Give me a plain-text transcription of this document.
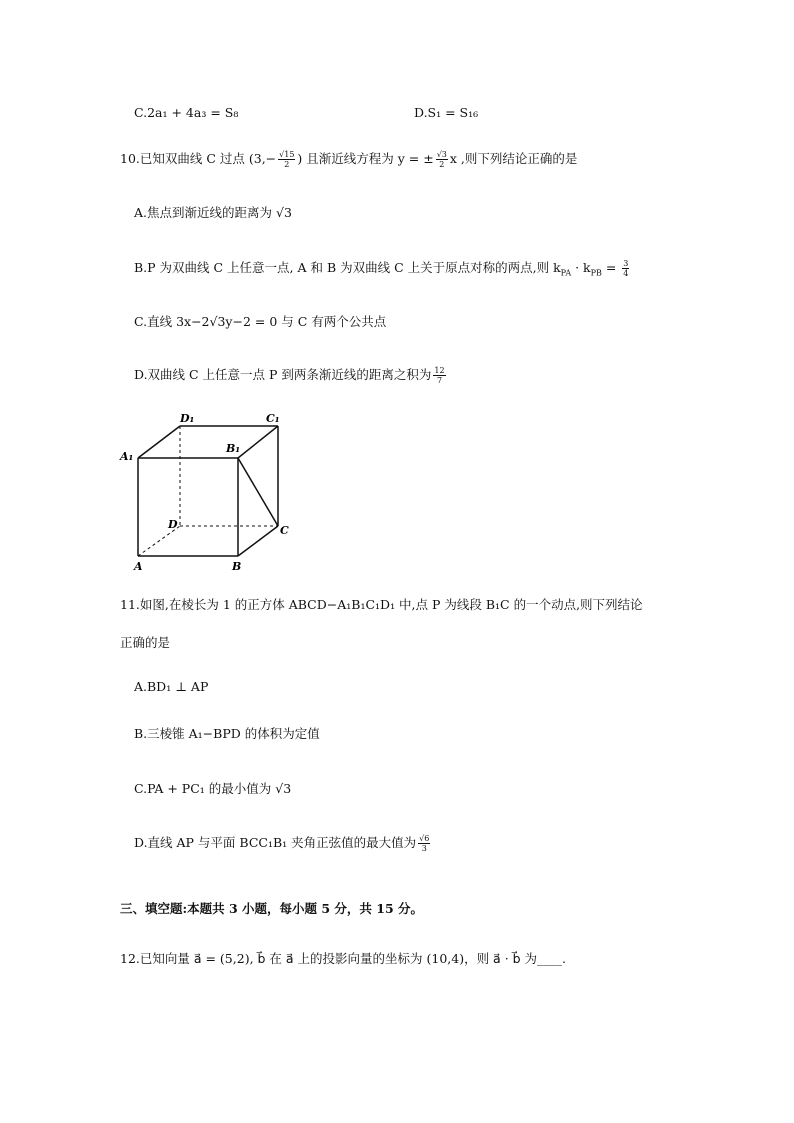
C.2a₁ + 4a₃ = S₈	D.S₁ = S₁₆
10.已知双曲线 C 过点 ($3,- \frac{√15}{2}$ ) 且渐近线方程为 y = ± $\frac{√3}{2}$ x ,则下列结论正确的是
A.焦点到渐近线的距离为 √3
B.P 为双曲线 C 上任意一点, A 和 B 为双曲线 C 上关于原点对称的两点,则 $k_{PA} \cdot k_{PB} = \frac{3}{4}$
C.直线 3x−2√3y−2 = 0 与 C 有两个公共点
D.双曲线 C 上任意一点 P 到两条渐近线的距离之积为 $\frac{12}{7}$
D₁	C₁
A₁
B₁
D	C
A	B
11.如图,在棱长为 1 的正方体 ABCD−A₁B₁C₁D₁ 中,点 P 为线段 B₁C 的一个动点,则下列结论
正确的是
A.BD₁ ⊥ AP
B.三棱锥 A₁−BPD 的体积为定值
C.PA + PC₁ 的最小值为 √3
D.直线 AP 与平面 BCC₁B₁ 夹角正弦值的最大值为 $\frac{√6}{3}$
三、填空题:本题共 3 小题，每小题 5 分，共 15 分。
12.已知向量 a⃗ = (5,2), b⃗ 在 a⃗ 上的投影向量的坐标为 (10,4)，则 a⃗ · b⃗ 为____.
